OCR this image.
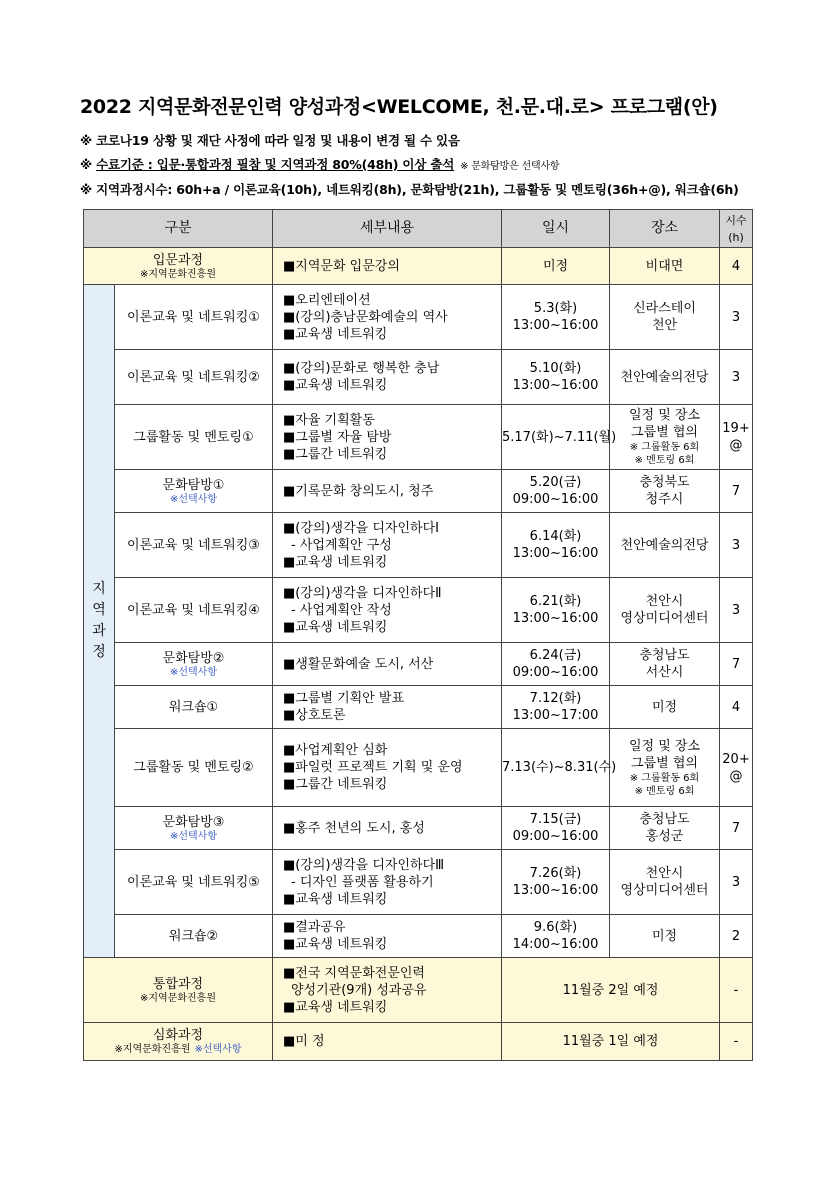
2022 지역문화전문인력 양성과정<WELCOME, 천.문.대.로> 프로그램(안)
※ 코로나19 상황 및 재단 사정에 따라 일정 및 내용이 변경 될 수 있음
※ 수료기준 : 입문·통합과정 필참 및 지역과정 80%(48h) 이상 출석 ※ 문화탐방은 선택사항
※ 지역과정시수: 60h+a / 이론교육(10h), 네트워킹(8h), 문화탐방(21h), 그룹활동 및 멘토링(36h+@), 워크숍(6h)
구분		세부내용	일시	장소	시수(h)

입문과정
※지역문화진흥원		■지역문화 입문강의	미정	비대면	4

지
역
과
정	이론교육 및 네트워킹①	■오리엔테이션
■(강의)충남문화예술의 역사
■교육생 네트워킹	5.3(화)
13:00~16:00	신라스테이
천안	3

	이론교육 및 네트워킹②	■(강의)문화로 행복한 충남
■교육생 네트워킹	5.10(화)
13:00~16:00	천안예술의전당	3

	그룹활동 및 멘토링①	■자율 기획활동
■그룹별 자율 탐방
■그룹간 네트워킹	5.17(화)~7.11(월)	일정 및 장소
그룹별 협의
※ 그룹활동 6회
※ 멘토링 6회	19+
@

	문화탐방①
※선택사항	■기록문화 창의도시, 청주	5.20(금)
09:00~16:00	충청북도
청주시	7

	이론교육 및 네트워킹③	■(강의)생각을 디자인하다Ⅰ
- 사업계획안 구성
■교육생 네트워킹	6.14(화)
13:00~16:00	천안예술의전당	3

	이론교육 및 네트워킹④	■(강의)생각을 디자인하다Ⅱ
- 사업계획안 작성
■교육생 네트워킹	6.21(화)
13:00~16:00	천안시
영상미디어센터	3

	문화탐방②
※선택사항	■생활문화예술 도시, 서산	6.24(금)
09:00~16:00	충청남도
서산시	7

	워크숍①	■그룹별 기획안 발표
■상호토론	7.12(화)
13:00~17:00	미정	4

	그룹활동 및 멘토링②	■사업계획안 심화
■파일럿 프로젝트 기획 및 운영
■그룹간 네트워킹	7.13(수)~8.31(수)	일정 및 장소
그룹별 협의
※ 그룹활동 6회
※ 멘토링 6회	20+
@

	문화탐방③
※선택사항	■홍주 천년의 도시, 홍성	7.15(금)
09:00~16:00	충청남도
홍성군	7

	이론교육 및 네트워킹⑤	■(강의)생각을 디자인하다Ⅲ
- 디자인 플랫폼 활용하기
■교육생 네트워킹	7.26(화)
13:00~16:00	천안시
영상미디어센터	3

	워크숍②	■결과공유
■교육생 네트워킹	9.6(화)
14:00~16:00	미정	2

통합과정
※지역문화진흥원		■전국 지역문화전문인력
양성기관(9개) 성과공유
■교육생 네트워킹	11월중 2일 예정		-

심화과정
※지역문화진흥원 ※선택사항		■미 정	11월중 1일 예정		-
